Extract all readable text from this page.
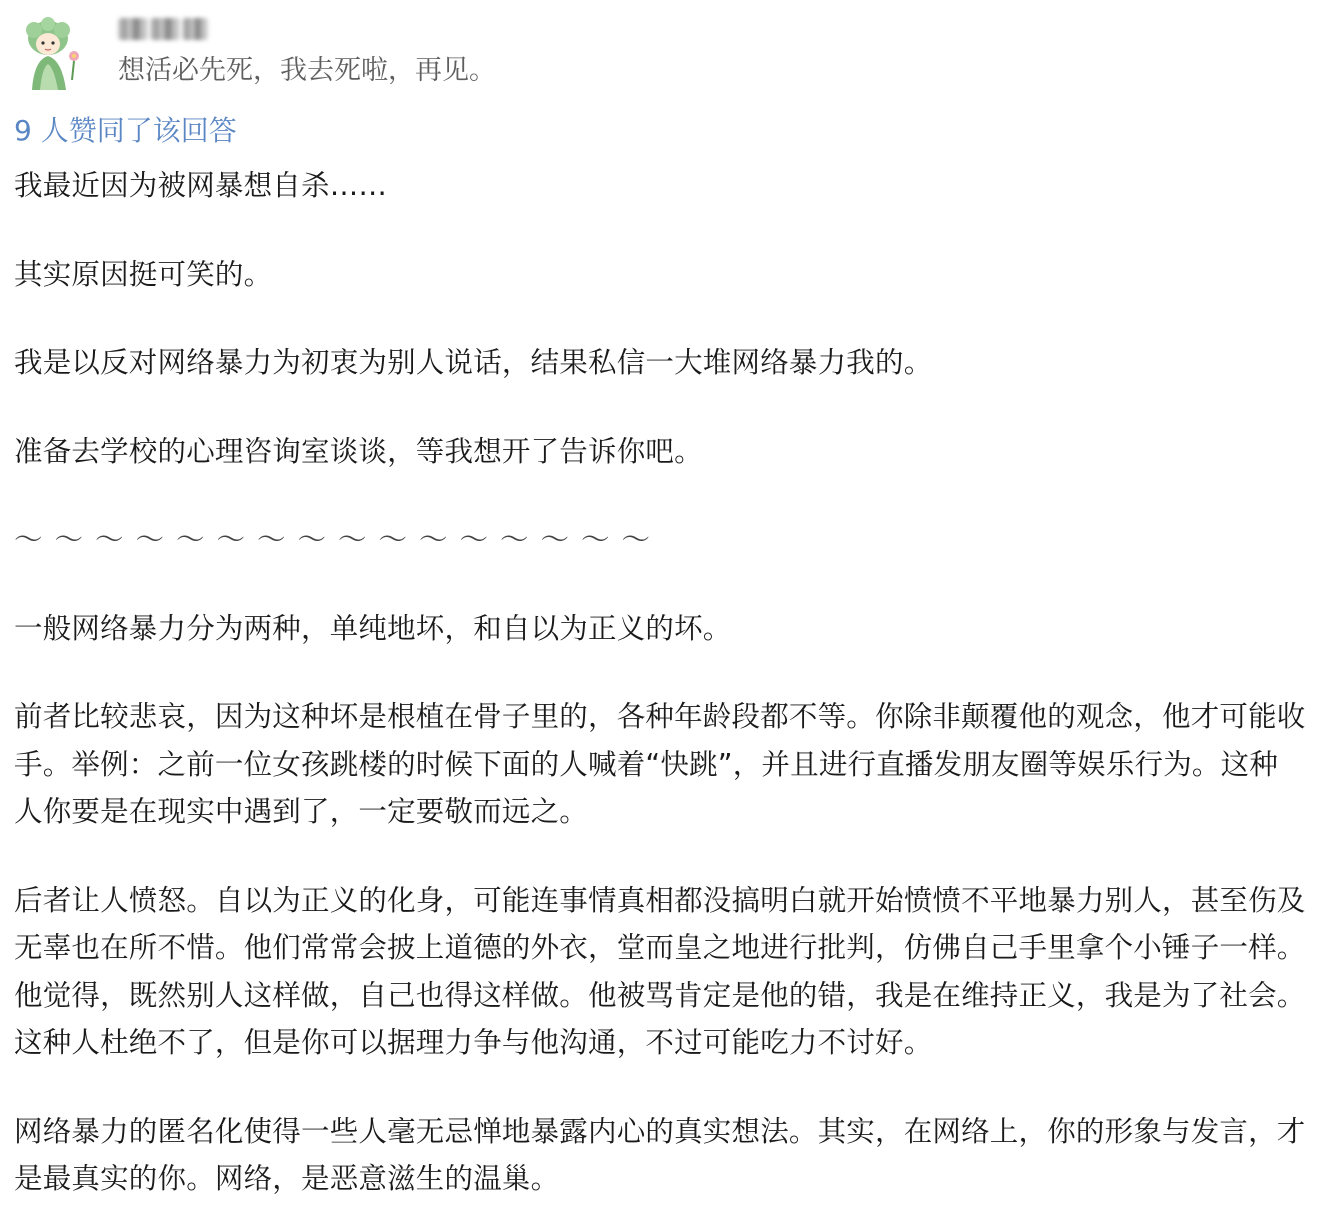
想活必先死，我去死啦，再见。
9 人赞同了该回答

我最近因为被网暴想自杀……

其实原因挺可笑的。

我是以反对网络暴力为初衷为别人说话，结果私信一大堆网络暴力我的。

准备去学校的心理咨询室谈谈，等我想开了告诉你吧。

～～～～～～～～～～～～～～～～

一般网络暴力分为两种，单纯地坏，和自以为正义的坏。

前者比较悲哀，因为这种坏是根植在骨子里的，各种年龄段都不等。你除非颠覆他的观念，他才可能收手。举例：之前一位女孩跳楼的时候下面的人喊着“快跳”，并且进行直播发朋友圈等娱乐行为。这种人你要是在现实中遇到了，一定要敬而远之。

后者让人愤怒。自以为正义的化身，可能连事情真相都没搞明白就开始愤愤不平地暴力别人，甚至伤及无辜也在所不惜。他们常常会披上道德的外衣，堂而皇之地进行批判，仿佛自己手里拿个小锤子一样。他觉得，既然别人这样做，自己也得这样做。他被骂肯定是他的错，我是在维持正义，我是为了社会。这种人杜绝不了，但是你可以据理力争与他沟通，不过可能吃力不讨好。

网络暴力的匿名化使得一些人毫无忌惮地暴露内心的真实想法。其实，在网络上，你的形象与发言，才是最真实的你。网络，是恶意滋生的温巢。
